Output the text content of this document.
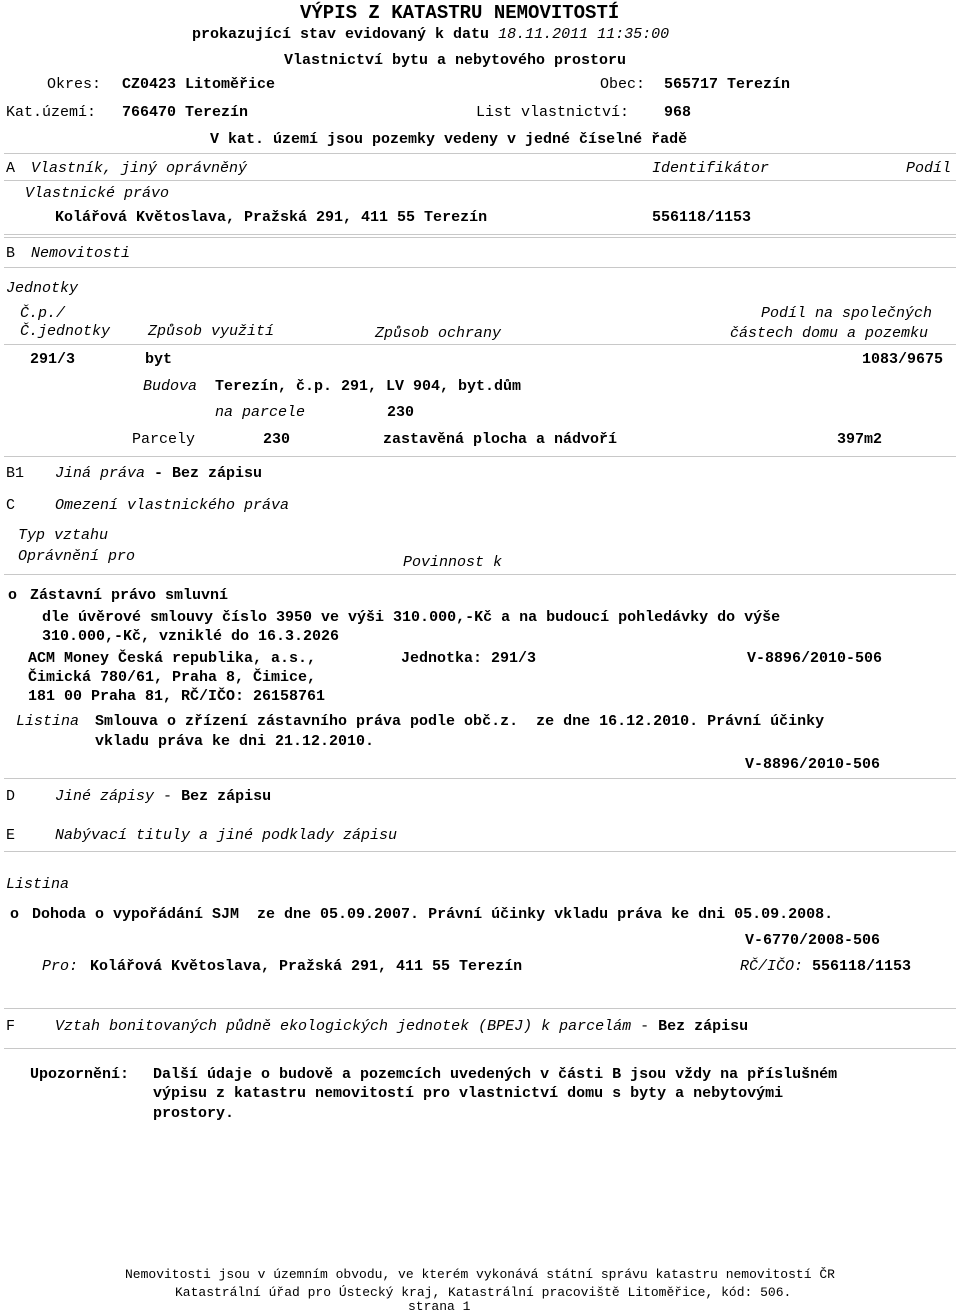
VÝPIS Z KATASTRU NEMOVITOSTÍ
prokazující stav evidovaný k datu 18.11.2011 11:35:00
Vlastnictví bytu a nebytového prostoru
Okres: CZ0423 Litoměřice	Obec: 565717 Terezín
Kat.území: 766470 Terezín	List vlastnictví: 968
V kat. území jsou pozemky vedeny v jedné číselné řadě
A Vlastník, jiný oprávněný	Identifikátor	Podíl
Vlastnické právo
Kolářová Květoslava, Pražská 291, 411 55 Terezín	556118/1153
B Nemovitosti
Jednotky
Č.p./
Č.jednotky	Způsob využití	Způsob ochrany
Podíl na společných
částech domu a pozemku
291/3	byt	1083/9675
Budova Terezín, č.p. 291, LV 904, byt.dům
na parcele	230
Parcely	230	zastavěná plocha a nádvoří	397m2
B1 Jiná práva - Bez zápisu
C	Omezení vlastnického práva
Typ vztahu
Oprávnění pro	Povinnost k
o Zástavní právo smluvní
dle úvěrové smlouvy číslo 3950 ve výši 310.000,-Kč a na budoucí pohledávky do výše
310.000,-Kč, vzniklé do 16.3.2026
ACM Money Česká republika, a.s.,
Čimická 780/61, Praha 8, Čimice,
181 00 Praha 81, RČ/IČO: 26158761
Jednotka: 291/3	V-8896/2010-506
Listina Smlouva o zřízení zástavního práva podle obč.z.  ze dne 16.12.2010. Právní účinky
vkladu práva ke dni 21.12.2010.
V-8896/2010-506
D	Jiné zápisy - Bez zápisu
E	Nabývací tituly a jiné podklady zápisu
Listina
o Dohoda o vypořádání SJM  ze dne 05.09.2007. Právní účinky vkladu práva ke dni 05.09.2008.
V-6770/2008-506
Pro: Kolářová Květoslava, Pražská 291, 411 55 Terezín	RČ/IČO: 556118/1153
F	Vztah bonitovaných půdně ekologických jednotek (BPEJ) k parcelám - Bez zápisu
Upozornění: Další údaje o budově a pozemcích uvedených v části B jsou vždy na příslušném
výpisu z katastru nemovitostí pro vlastnictví domu s byty a nebytovými
prostory.
Nemovitosti jsou v územním obvodu, ve kterém vykonává státní správu katastru nemovitostí ČR
Katastrální úřad pro Ústecký kraj, Katastrální pracoviště Litoměřice, kód: 506.
strana 1
